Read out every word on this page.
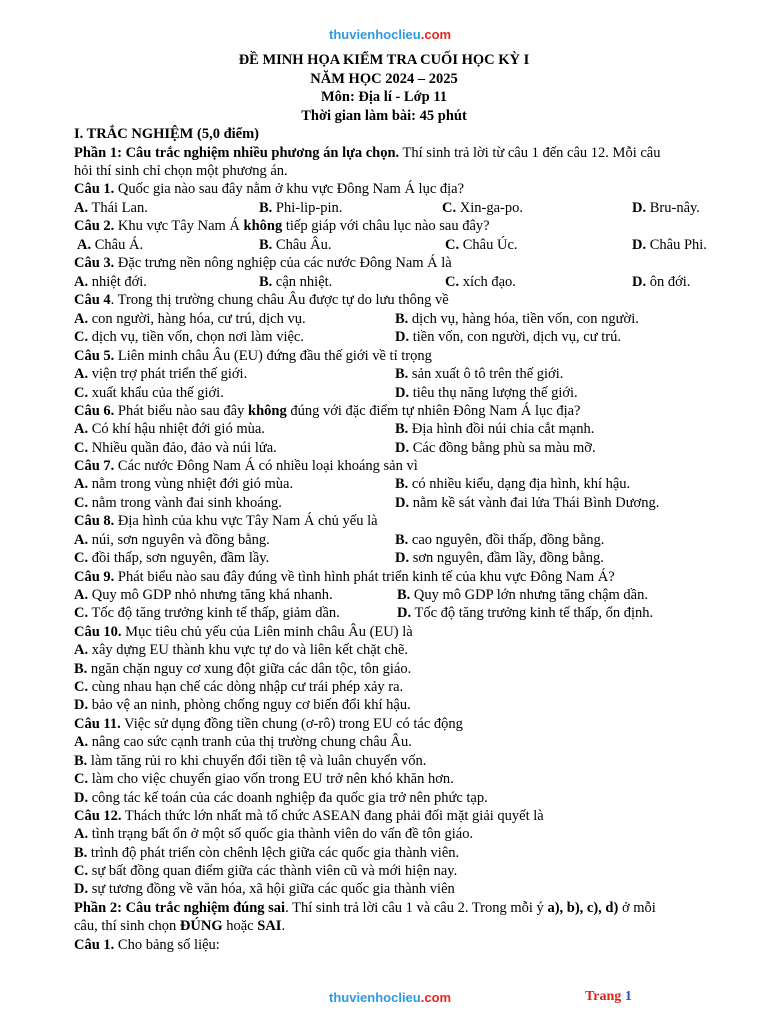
thuvienhoclieu.com
ĐỀ MINH HỌA KIỂM TRA CUỐI HỌC KỲ I
NĂM HỌC 2024 – 2025
Môn: Địa lí - Lớp 11
Thời gian làm bài: 45 phút
I. TRẮC NGHIỆM (5,0 điểm)
Phần 1: Câu trắc nghiệm nhiều phương án lựa chọn. Thí sinh trả lời từ câu 1 đến câu 12. Mỗi câu
hỏi thí sinh chỉ chọn một phương án.
Câu 1. Quốc gia nào sau đây nằm ở khu vực Đông Nam Á lục địa?
A. Thái Lan.	B. Phi-lip-pin.	C. Xin-ga-po.	D. Bru-nây.
Câu 2. Khu vực Tây Nam Á không tiếp giáp với châu lục nào sau đây?
A. Châu Á.	B. Châu Âu.	C. Châu Úc.	D. Châu Phi.
Câu 3. Đặc trưng nền nông nghiệp của các nước Đông Nam Á là
A. nhiệt đới.	B. cận nhiệt.	C. xích đạo.	D. ôn đới.
Câu 4. Trong thị trường chung châu Âu được tự do lưu thông về
A. con người, hàng hóa, cư trú, dịch vụ.	B. dịch vụ, hàng hóa, tiền vốn, con người.
C. dịch vụ, tiền vốn, chọn nơi làm việc.	D. tiền vốn, con người, dịch vụ, cư trú.
Câu 5. Liên minh châu Âu (EU) đứng đầu thế giới về tỉ trọng
A. viện trợ phát triển thế giới.	B. sản xuất ô tô trên thế giới.
C. xuất khẩu của thế giới.	D. tiêu thụ năng lượng thế giới.
Câu 6. Phát biểu nào sau đây không đúng với đặc điểm tự nhiên Đông Nam Á lục địa?
A. Có khí hậu nhiệt đới gió mùa.	B. Địa hình đồi núi chia cắt mạnh.
C. Nhiều quần đảo, đảo và núi lửa.	D. Các đồng bằng phù sa màu mỡ.
Câu 7. Các nước Đông Nam Á có nhiều loại khoáng sản vì
A. nằm trong vùng nhiệt đới gió mùa.	B. có nhiều kiểu, dạng địa hình, khí hậu.
C. nằm trong vành đai sinh khoáng.	D. nằm kề sát vành đai lửa Thái Bình Dương.
Câu 8. Địa hình của khu vực Tây Nam Á chủ yếu là
A. núi, sơn nguyên và đồng bằng.	B. cao nguyên, đồi thấp, đồng bằng.
C. đồi thấp, sơn nguyên, đầm lầy.	D. sơn nguyên, đầm lầy, đồng bằng.
Câu 9. Phát biểu nào sau đây đúng về tình hình phát triển kinh tế của khu vực Đông Nam Á?
A. Quy mô GDP nhỏ nhưng tăng khá nhanh.	B. Quy mô GDP lớn nhưng tăng chậm dần.
C. Tốc độ tăng trưởng kinh tế thấp, giảm dần.	D. Tốc độ tăng trưởng kinh tế thấp, ổn định.
Câu 10. Mục tiêu chủ yếu của Liên minh châu Âu (EU) là
A. xây dựng EU thành khu vực tự do và liên kết chặt chẽ.
B. ngăn chặn nguy cơ xung đột giữa các dân tộc, tôn giáo.
C. cùng nhau hạn chế các dòng nhập cư trái phép xảy ra.
D. bảo vệ an ninh, phòng chống nguy cơ biến đổi khí hậu.
Câu 11. Việc sử dụng đồng tiền chung (ơ-rô) trong EU có tác động
A. nâng cao sức cạnh tranh của thị trường chung châu Âu.
B. làm tăng rủi ro khi chuyển đổi tiền tệ và luân chuyển vốn.
C. làm cho việc chuyển giao vốn trong EU trở nên khó khăn hơn.
D. công tác kế toán của các doanh nghiệp đa quốc gia trở nên phức tạp.
Câu 12. Thách thức lớn nhất mà tổ chức ASEAN đang phải đối mặt giải quyết là
A. tình trạng bất ổn ở một số quốc gia thành viên do vấn đề tôn giáo.
B. trình độ phát triển còn chênh lệch giữa các quốc gia thành viên.
C. sự bất đồng quan điểm giữa các thành viên cũ và mới hiện nay.
D. sự tương đồng về văn hóa, xã hội giữa các quốc gia thành viên
Phần 2: Câu trắc nghiệm đúng sai. Thí sinh trả lời câu 1 và câu 2. Trong mỗi ý a), b), c), d) ở mỗi
câu, thí sinh chọn ĐÚNG hoặc SAI.
Câu 1. Cho bảng số liệu:
thuvienhoclieu.com	Trang 1
